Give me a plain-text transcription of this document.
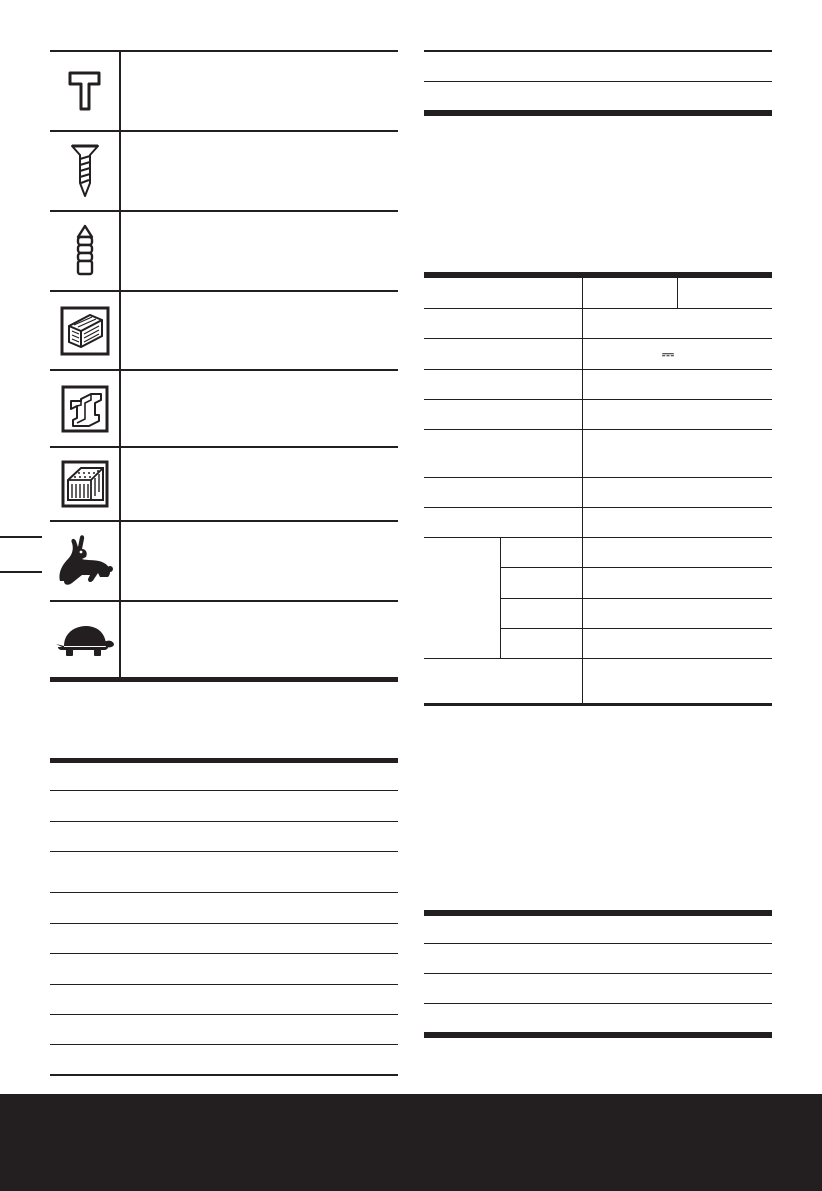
⎓
